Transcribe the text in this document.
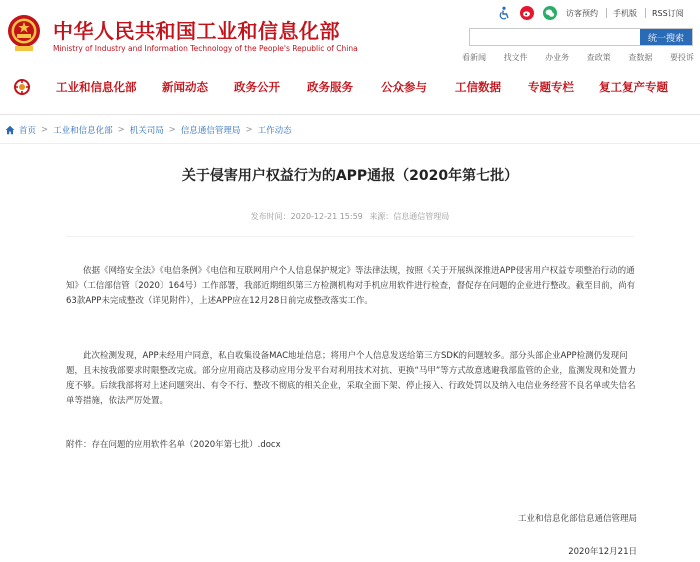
中华人民共和国工业和信息化部
Ministry of Industry and Information Technology of the People's Republic of China
访客预约 手机版 RSS订阅
统一搜索
看新闻 找文件 办业务 查政策 查数据 要投诉
工业和信息化部 新闻动态 政务公开 政务服务 公众参与 工信数据 专题专栏 复工复产专题
首页 > 工业和信息化部 > 机关司局 > 信息通信管理局 > 工作动态
关于侵害用户权益行为的APP通报（2020年第七批）
发布时间：2020-12-21 15:59 来源：信息通信管理局

依据《网络安全法》《电信条例》《电信和互联网用户个人信息保护规定》等法律法规，按照《关于开展纵深推进APP侵害用户权益专项整治行动的通知》（工信部信管〔2020〕164号）工作部署，我部近期组织第三方检测机构对手机应用软件进行检查，督促存在问题的企业进行整改。截至目前，尚有63款APP未完成整改（详见附件），上述APP应在12月28日前完成整改落实工作。

此次检测发现，APP未经用户同意，私自收集设备MAC地址信息；将用户个人信息发送给第三方SDK的问题较多。部分头部企业APP检测仍发现问题，且未按我部要求时限整改完成。部分应用商店及移动应用分发平台对利用技术对抗、更换“马甲”等方式故意逃避我部监管的企业，监测发现和处置力度不够。后续我部将对上述问题突出、有令不行、整改不彻底的相关企业，采取全面下架、停止接入、行政处罚以及纳入电信业务经营不良名单或失信名单等措施，依法严厉处置。

附件：存在问题的应用软件名单（2020年第七批）.docx
工业和信息化部信息通信管理局
2020年12月21日
